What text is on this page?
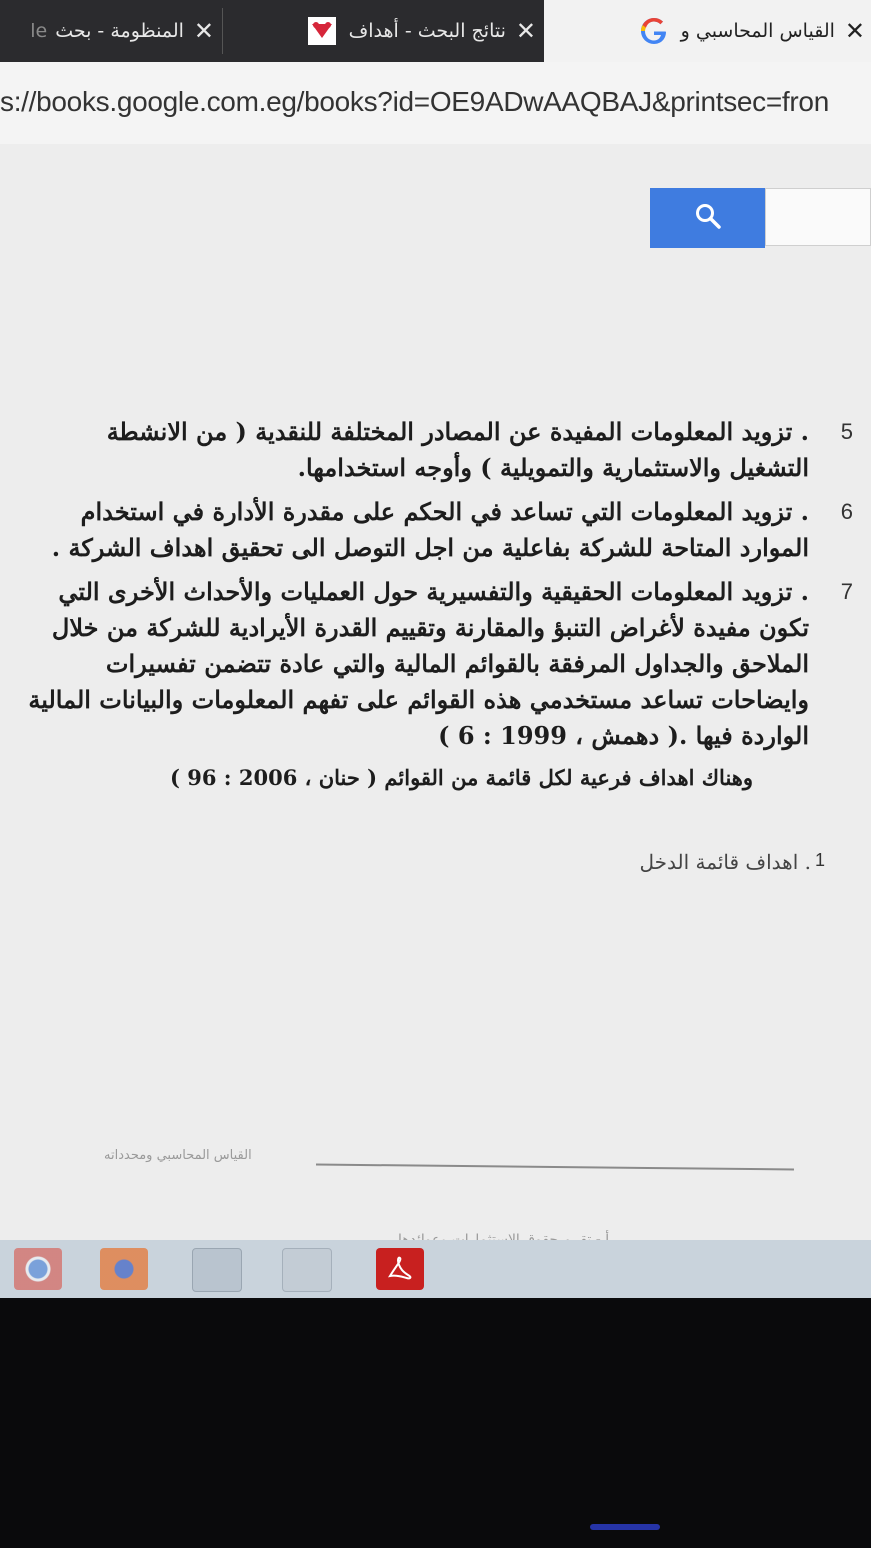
✕
المنظومة - بحث
le	✕
نتائج البحث - أهداف	✕
القياس المحاسبي و
s://books.google.com.eg/books?id=OE9ADwAAQBAJ&printsec=fron
5
. تزويد المعلومات المفيدة عن المصادر المختلفة للنقدية ( من الانشطة التشغيل والاستثمارية والتمويلية ) وأوجه استخدامها.
6
. تزويد المعلومات التي تساعد في الحكم على مقدرة الأدارة في استخدام الموارد المتاحة للشركة بفاعلية من اجل التوصل الى تحقيق اهداف الشركة .
7
. تزويد المعلومات الحقيقية والتفسيرية حول العمليات والأحداث الأخرى التي تكون مفيدة لأغراض التنبؤ والمقارنة وتقييم القدرة الأيرادية للشركة من خلال الملاحق والجداول المرفقة بالقوائم المالية والتي عادة تتضمن تفسيرات وايضاحات تساعد مستخدمي هذه القوائم على تفهم المعلومات والبيانات المالية الواردة فيها .( دهمش ، 1999 : 6 )
وهناك اهداف فرعية لكل قائمة من القوائم ( حنان ، 2006 : 96 )
1
. اهداف قائمة الدخل
القياس المحاسبي ومحدداته
